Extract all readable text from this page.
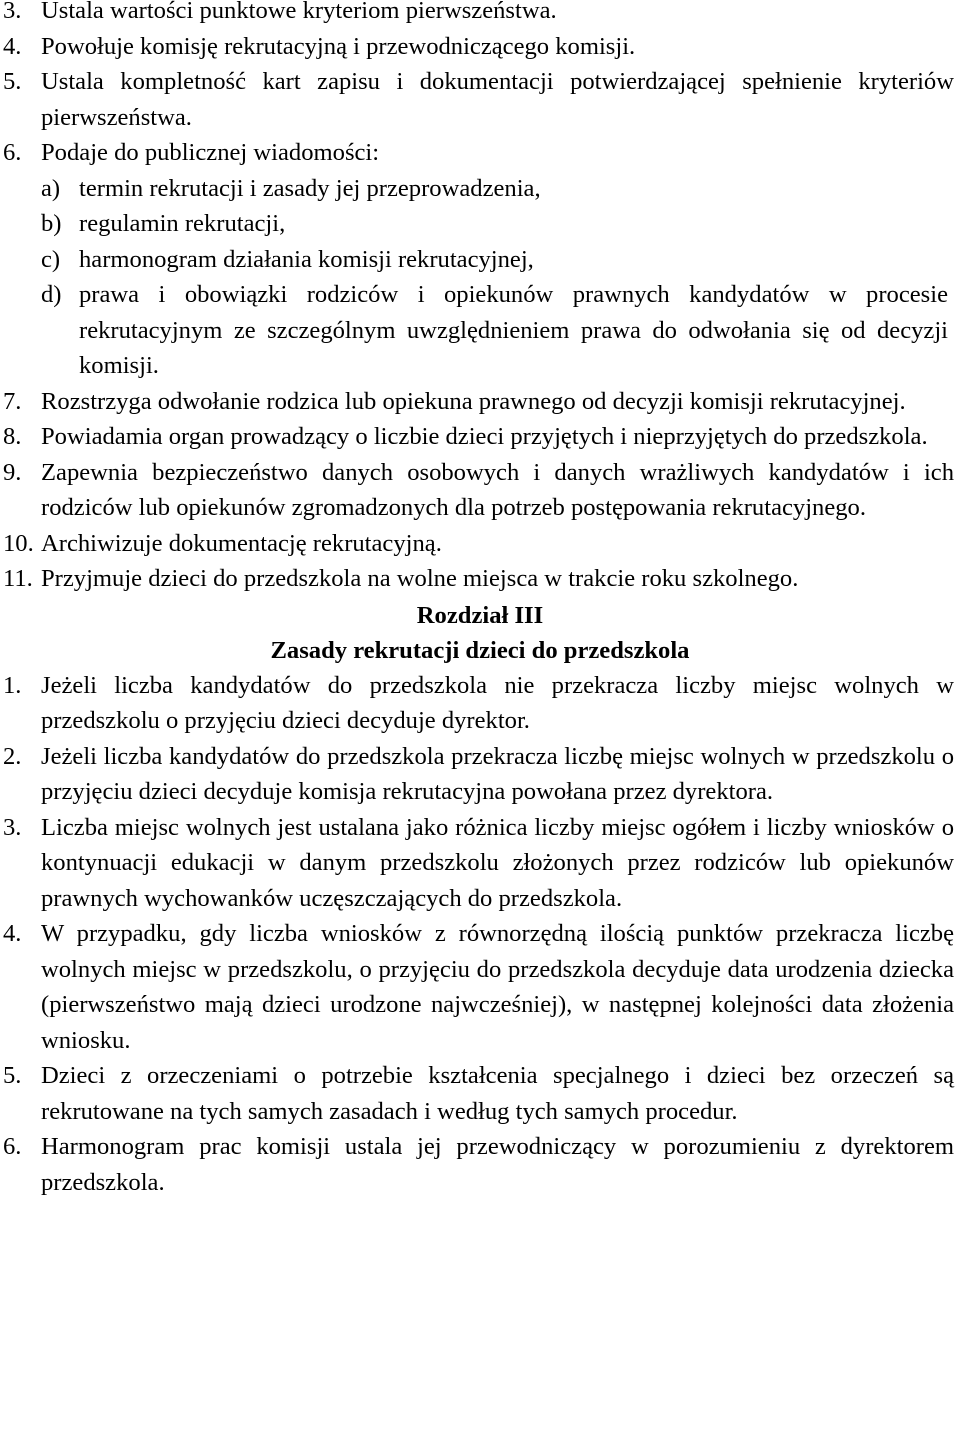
3. Ustala wartości punktowe kryteriom pierwszeństwa.
4. Powołuje komisję rekrutacyjną i przewodniczącego komisji.
5. Ustala kompletność kart zapisu i dokumentacji potwierdzającej spełnienie kryteriów pierwszeństwa.
6. Podaje do publicznej wiadomości:
a) termin rekrutacji i zasady jej przeprowadzenia,
b) regulamin rekrutacji,
c) harmonogram działania komisji rekrutacyjnej,
d) prawa i obowiązki rodziców i opiekunów prawnych kandydatów w procesie rekrutacyjnym ze szczególnym uwzględnieniem prawa do odwołania się od decyzji komisji.
7. Rozstrzyga odwołanie rodzica lub opiekuna prawnego od decyzji komisji rekrutacyjnej.
8. Powiadamia organ prowadzący o liczbie dzieci przyjętych i nieprzyjętych do przedszkola.
9. Zapewnia bezpieczeństwo danych osobowych i danych wrażliwych kandydatów i ich rodziców lub opiekunów zgromadzonych dla potrzeb postępowania rekrutacyjnego.
10. Archiwizuje dokumentację rekrutacyjną.
11. Przyjmuje dzieci do przedszkola na wolne miejsca w trakcie roku szkolnego.
Rozdział III
Zasady rekrutacji dzieci do przedszkola
1. Jeżeli liczba kandydatów do przedszkola nie przekracza liczby miejsc wolnych w przedszkolu o przyjęciu dzieci decyduje dyrektor.
2. Jeżeli liczba kandydatów do przedszkola przekracza liczbę miejsc wolnych w przedszkolu o przyjęciu dzieci decyduje komisja rekrutacyjna powołana przez dyrektora.
3. Liczba miejsc wolnych jest ustalana jako różnica liczby miejsc ogółem i liczby wniosków o kontynuacji edukacji w danym przedszkolu złożonych przez rodziców lub opiekunów prawnych wychowanków uczęszczających do przedszkola.
4. W przypadku, gdy liczba wniosków z równorzędną ilością punktów przekracza liczbę wolnych miejsc w przedszkolu, o przyjęciu do przedszkola decyduje data urodzenia dziecka (pierwszeństwo mają dzieci urodzone najwcześniej), w następnej kolejności data złożenia wniosku.
5. Dzieci z orzeczeniami o potrzebie kształcenia specjalnego i dzieci bez orzeczeń są rekrutowane na tych samych zasadach i według tych samych procedur.
6. Harmonogram prac komisji ustala jej przewodniczący w porozumieniu z dyrektorem przedszkola.
